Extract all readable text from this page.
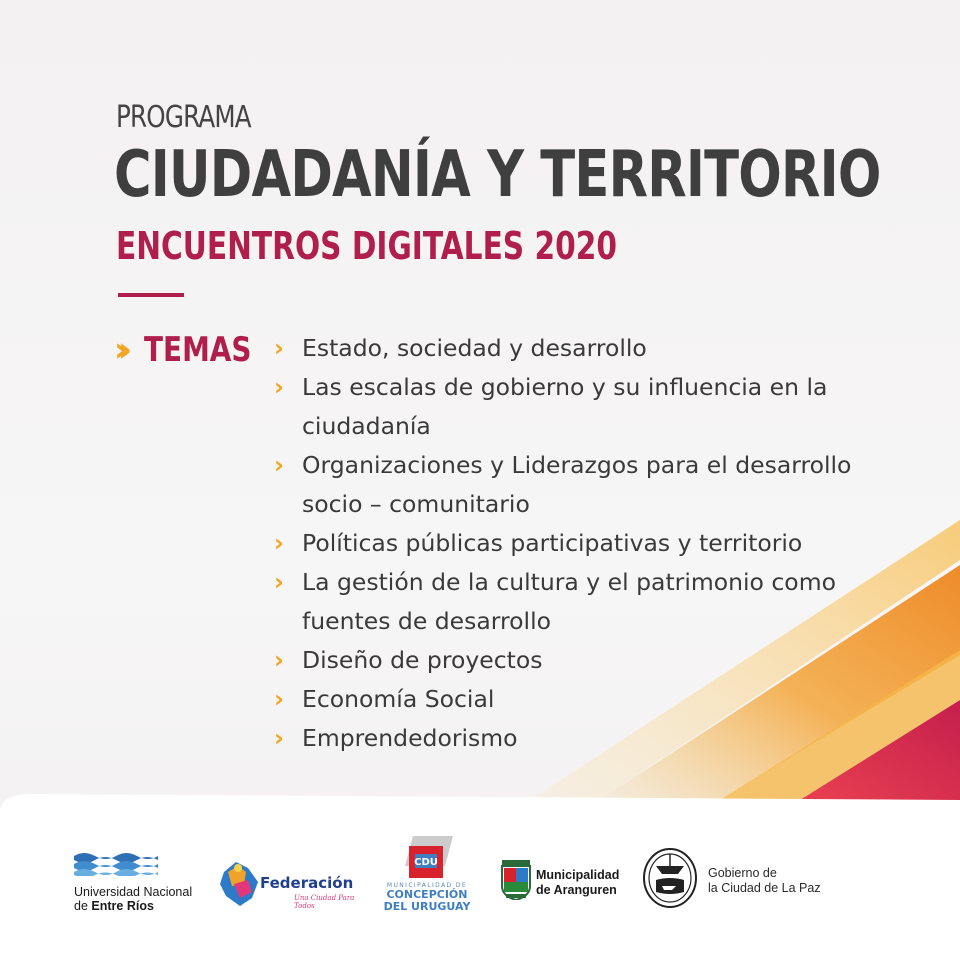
PROGRAMA
CIUDADANÍA Y TERRITORIO
ENCUENTROS DIGITALES 2020
›› TEMAS › Estado, sociedad y desarrollo
› Las escalas de gobierno y su influencia en la ciudadanía
› Organizaciones y Liderazgos para el desarrollo socio – comunitario
› Políticas públicas participativas y territorio
› La gestión de la cultura y el patrimonio como fuentes de desarrollo
› Diseño de proyectos
› Economía Social
› Emprendedorismo
Universidad Nacional
de Entre Ríos
Federación
Una Ciudad Para Todos
CDU
MUNICIPALIDAD DE
CONCEPCIÓN
DEL URUGUAY
Municipalidad
de Aranguren
Gobierno de
la Ciudad de La Paz
